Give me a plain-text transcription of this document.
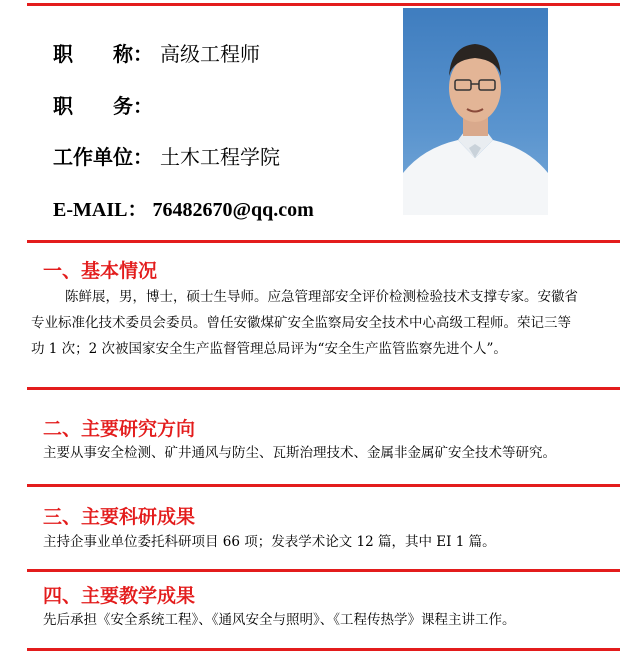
职　　称： 高级工程师
职　　务：
工作单位： 土木工程学院
E-MAIL： 76482670@qq.com
一、基本情况
陈鲜展，男，博士，硕士生导师。应急管理部安全评价检测检验技术支撑专家。安徽省
专业标准化技术委员会委员。曾任安徽煤矿安全监察局安全技术中心高级工程师。荣记三等
功 1 次；2 次被国家安全生产监督管理总局评为“安全生产监管监察先进个人”。
二、主要研究方向
主要从事安全检测、矿井通风与防尘、瓦斯治理技术、金属非金属矿安全技术等研究。
三、主要科研成果
主持企事业单位委托科研项目 66 项；发表学术论文 12 篇，其中 EI 1 篇。
四、主要教学成果
先后承担《安全系统工程》、《通风安全与照明》、《工程传热学》课程主讲工作。
